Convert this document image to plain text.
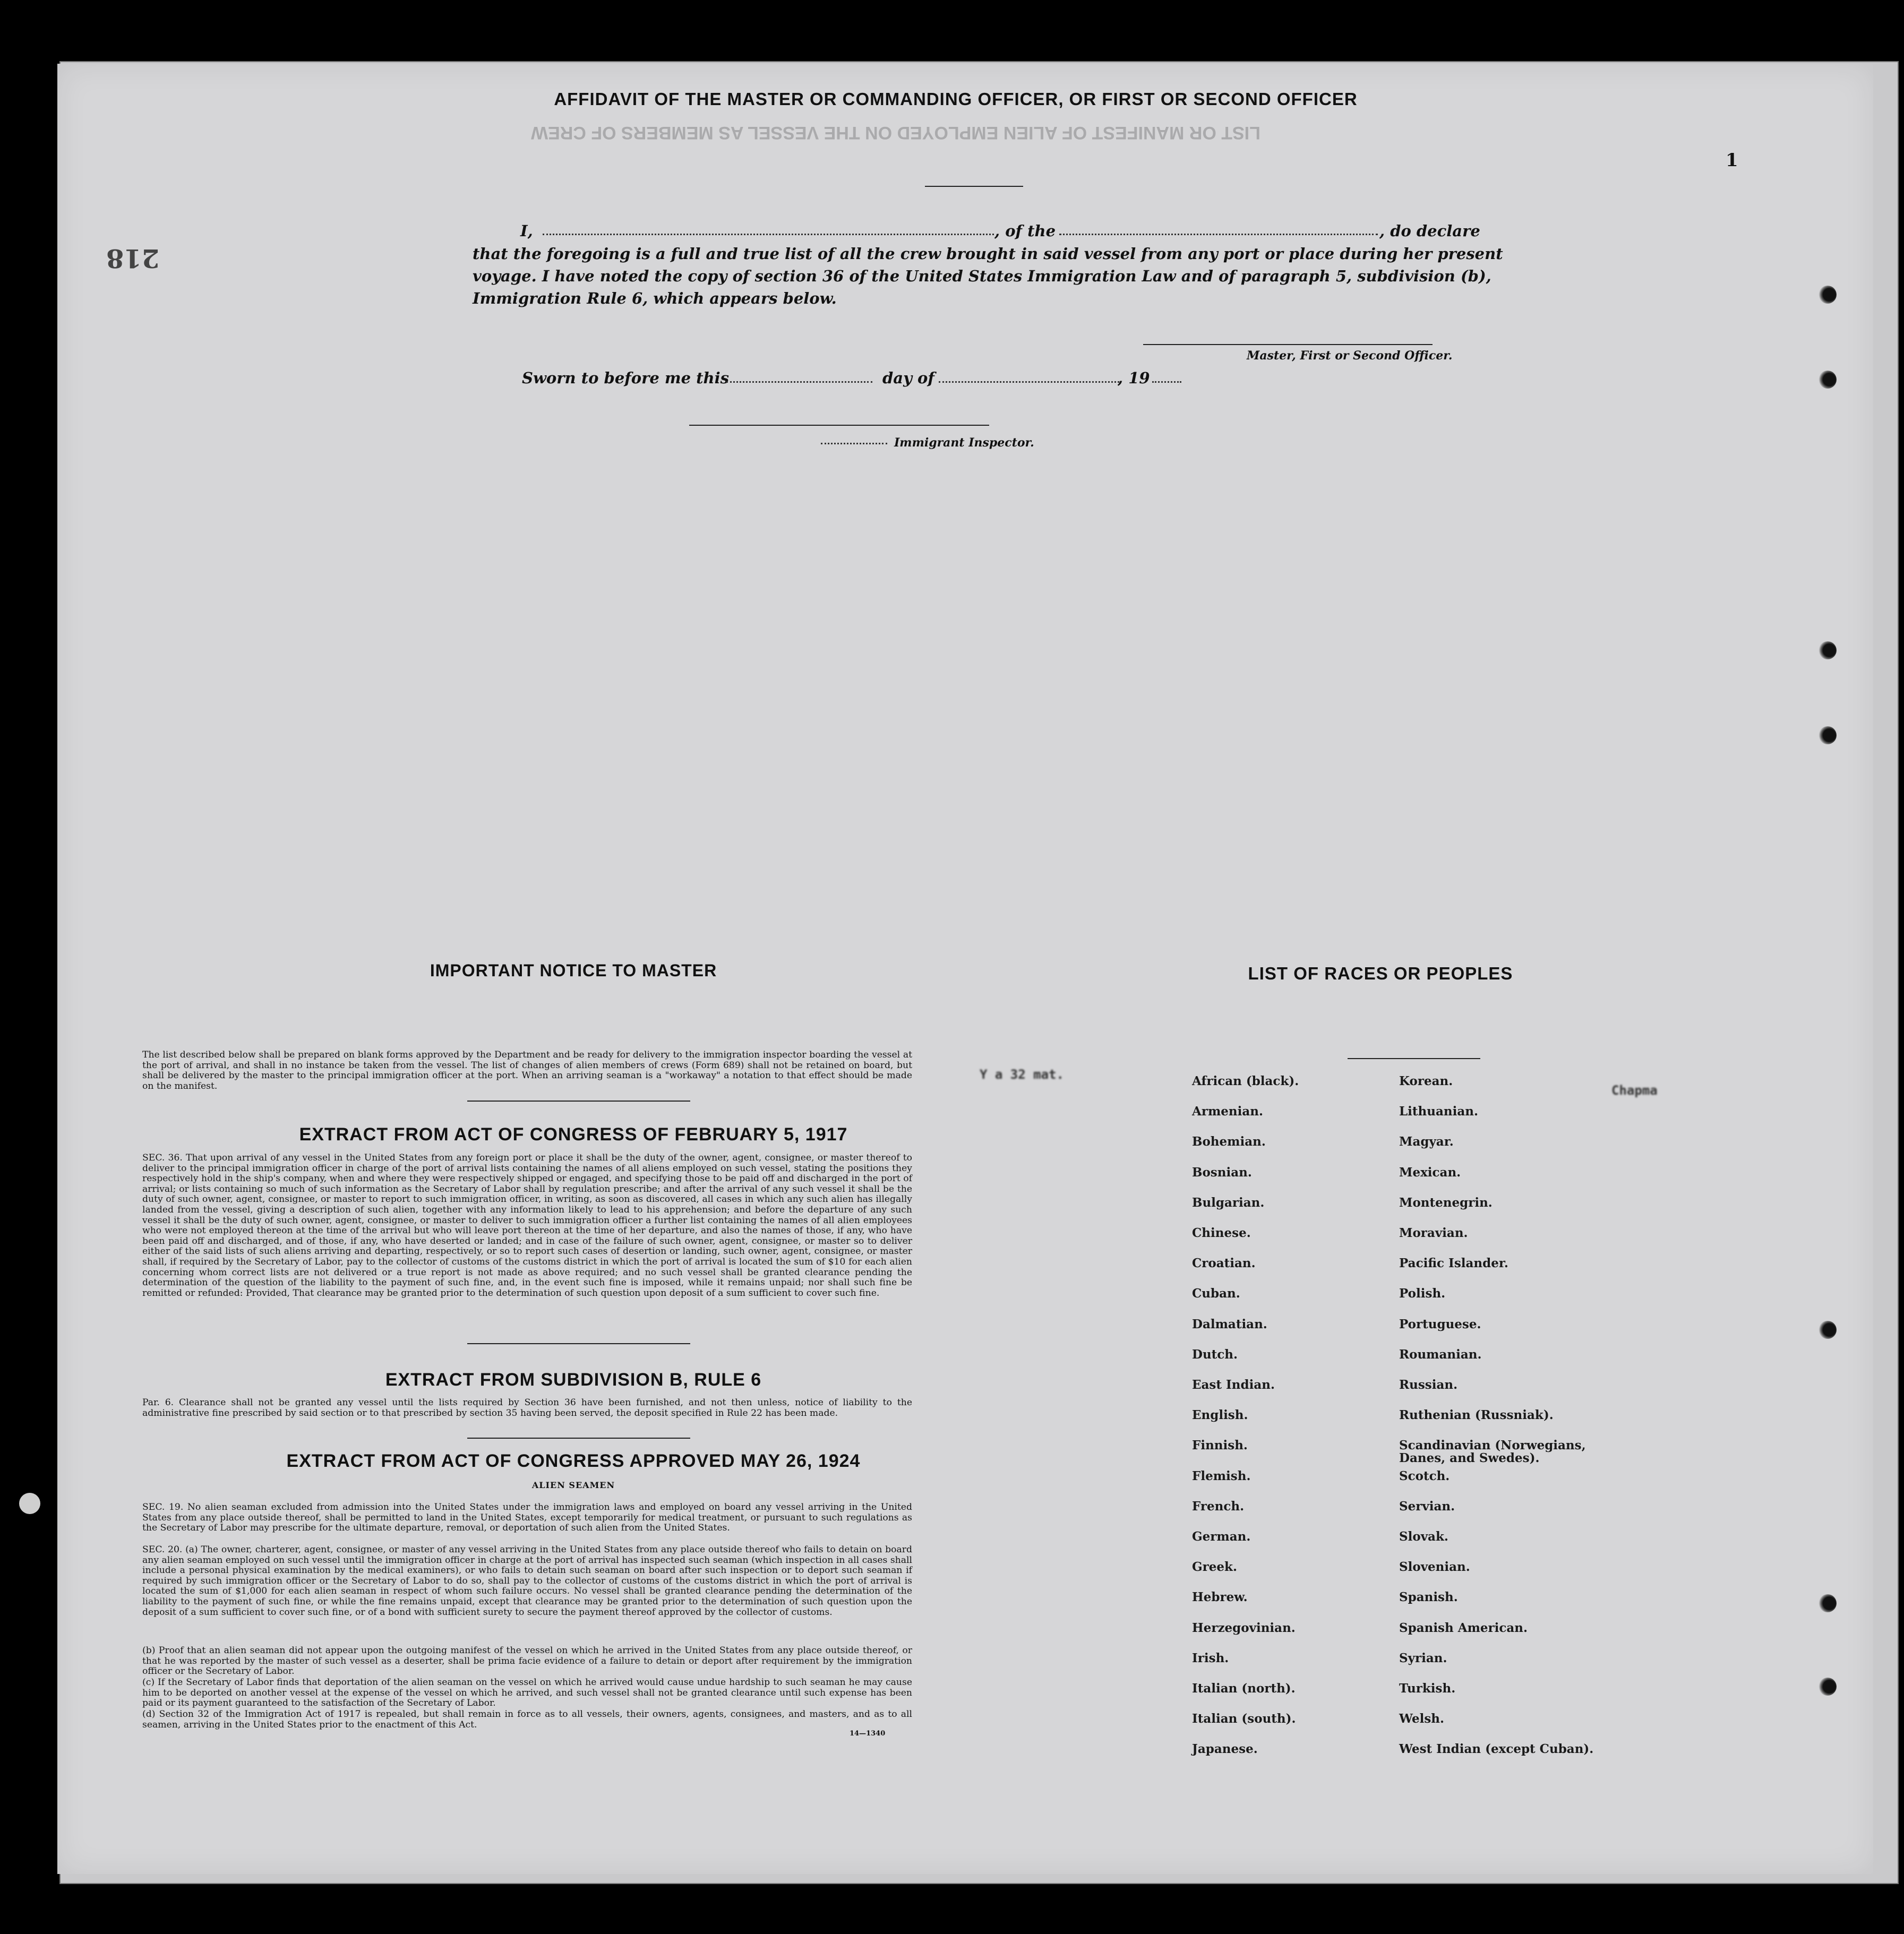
LIST OR MANIFEST OF ALIEN EMPLOYED ON THE VESSEL AS MEMBERS OF CREW
1
218
AFFIDAVIT OF THE MASTER OR COMMANDING OFFICER, OR FIRST OR SECOND OFFICER
I,	, of the	, do declare
that the foregoing is a full and true list of all the crew brought in said vessel from any port or place during her present
voyage. I have noted the copy of section 36 of the United States Immigration Law and of paragraph 5, subdivision (b),
Immigration Rule 6, which appears below.
Master, First or Second Officer.
Sworn to before me this	day of	, 19
Immigrant Inspector.
IMPORTANT NOTICE TO MASTER
The list described below shall be prepared on blank forms approved by the Department and be ready for delivery to the immigration inspector boarding the vessel at the port of arrival, and shall in no instance be taken from the vessel. The list of changes of alien members of crews (Form 689) shall not be retained on board, but shall be delivered by the master to the principal immigration officer at the port. When an arriving seaman is a "workaway" a notation to that effect should be made on the manifest.
EXTRACT FROM ACT OF CONGRESS OF FEBRUARY 5, 1917
SEC. 36. That upon arrival of any vessel in the United States from any foreign port or place it shall be the duty of the owner, agent, consignee, or master thereof to deliver to the principal immigration officer in charge of the port of arrival lists containing the names of all aliens employed on such vessel, stating the positions they respectively hold in the ship's company, when and where they were respectively shipped or engaged, and specifying those to be paid off and discharged in the port of arrival; or lists containing so much of such information as the Secretary of Labor shall by regulation prescribe; and after the arrival of any such vessel it shall be the duty of such owner, agent, consignee, or master to report to such immigration officer, in writing, as soon as discovered, all cases in which any such alien has illegally landed from the vessel, giving a description of such alien, together with any information likely to lead to his apprehension; and before the departure of any such vessel it shall be the duty of such owner, agent, consignee, or master to deliver to such immigration officer a further list containing the names of all alien employees who were not employed thereon at the time of the arrival but who will leave port thereon at the time of her departure, and also the names of those, if any, who have been paid off and discharged, and of those, if any, who have deserted or landed; and in case of the failure of such owner, agent, consignee, or master so to deliver either of the said lists of such aliens arriving and departing, respectively, or so to report such cases of desertion or landing, such owner, agent, consignee, or master shall, if required by the Secretary of Labor, pay to the collector of customs of the customs district in which the port of arrival is located the sum of $10 for each alien concerning whom correct lists are not delivered or a true report is not made as above required; and no such vessel shall be granted clearance pending the determination of the question of the liability to the payment of such fine, and, in the event such fine is imposed, while it remains unpaid; nor shall such fine be remitted or refunded: Provided, That clearance may be granted prior to the determination of such question upon deposit of a sum sufficient to cover such fine.
EXTRACT FROM SUBDIVISION B, RULE 6
Par. 6. Clearance shall not be granted any vessel until the lists required by Section 36 have been furnished, and not then unless, notice of liability to the administrative fine prescribed by said section or to that prescribed by section 35 having been served, the deposit specified in Rule 22 has been made.
EXTRACT FROM ACT OF CONGRESS APPROVED MAY 26, 1924
ALIEN SEAMEN
SEC. 19. No alien seaman excluded from admission into the United States under the immigration laws and employed on board any vessel arriving in the United States from any place outside thereof, shall be permitted to land in the United States, except temporarily for medical treatment, or pursuant to such regulations as the Secretary of Labor may prescribe for the ultimate departure, removal, or deportation of such alien from the United States.
SEC. 20. (a) The owner, charterer, agent, consignee, or master of any vessel arriving in the United States from any place outside thereof who fails to detain on board any alien seaman employed on such vessel until the immigration officer in charge at the port of arrival has inspected such seaman (which inspection in all cases shall include a personal physical examination by the medical examiners), or who fails to detain such seaman on board after such inspection or to deport such seaman if required by such immigration officer or the Secretary of Labor to do so, shall pay to the collector of customs of the customs district in which the port of arrival is located the sum of $1,000 for each alien seaman in respect of whom such failure occurs. No vessel shall be granted clearance pending the determination of the liability to the payment of such fine, or while the fine remains unpaid, except that clearance may be granted prior to the determination of such question upon the deposit of a sum sufficient to cover such fine, or of a bond with sufficient surety to secure the payment thereof approved by the collector of customs.
(b) Proof that an alien seaman did not appear upon the outgoing manifest of the vessel on which he arrived in the United States from any place outside thereof, or that he was reported by the master of such vessel as a deserter, shall be prima facie evidence of a failure to detain or deport after requirement by the immigration officer or the Secretary of Labor.
(c) If the Secretary of Labor finds that deportation of the alien seaman on the vessel on which he arrived would cause undue hardship to such seaman he may cause him to be deported on another vessel at the expense of the vessel on which he arrived, and such vessel shall not be granted clearance until such expense has been paid or its payment guaranteed to the satisfaction of the Secretary of Labor.
(d) Section 32 of the Immigration Act of 1917 is repealed, but shall remain in force as to all vessels, their owners, agents, consignees, and masters, and as to all seamen, arriving in the United States prior to the enactment of this Act.
14—1340
LIST OF RACES OR PEOPLES
Y a 32 mat.
Chapma
African (black).
Armenian.
Bohemian.
Bosnian.
Bulgarian.
Chinese.
Croatian.
Cuban.
Dalmatian.
Dutch.
East Indian.
English.
Finnish.
Flemish.
French.
German.
Greek.
Hebrew.
Herzegovinian.
Irish.
Italian (north).
Italian (south).
Japanese.
Korean.
Lithuanian.
Magyar.
Mexican.
Montenegrin.
Moravian.
Pacific Islander.
Polish.
Portuguese.
Roumanian.
Russian.
Ruthenian (Russniak).
Scandinavian (Norwegians,
Danes, and Swedes).
Scotch.
Servian.
Slovak.
Slovenian.
Spanish.
Spanish American.
Syrian.
Turkish.
Welsh.
West Indian (except Cuban).
